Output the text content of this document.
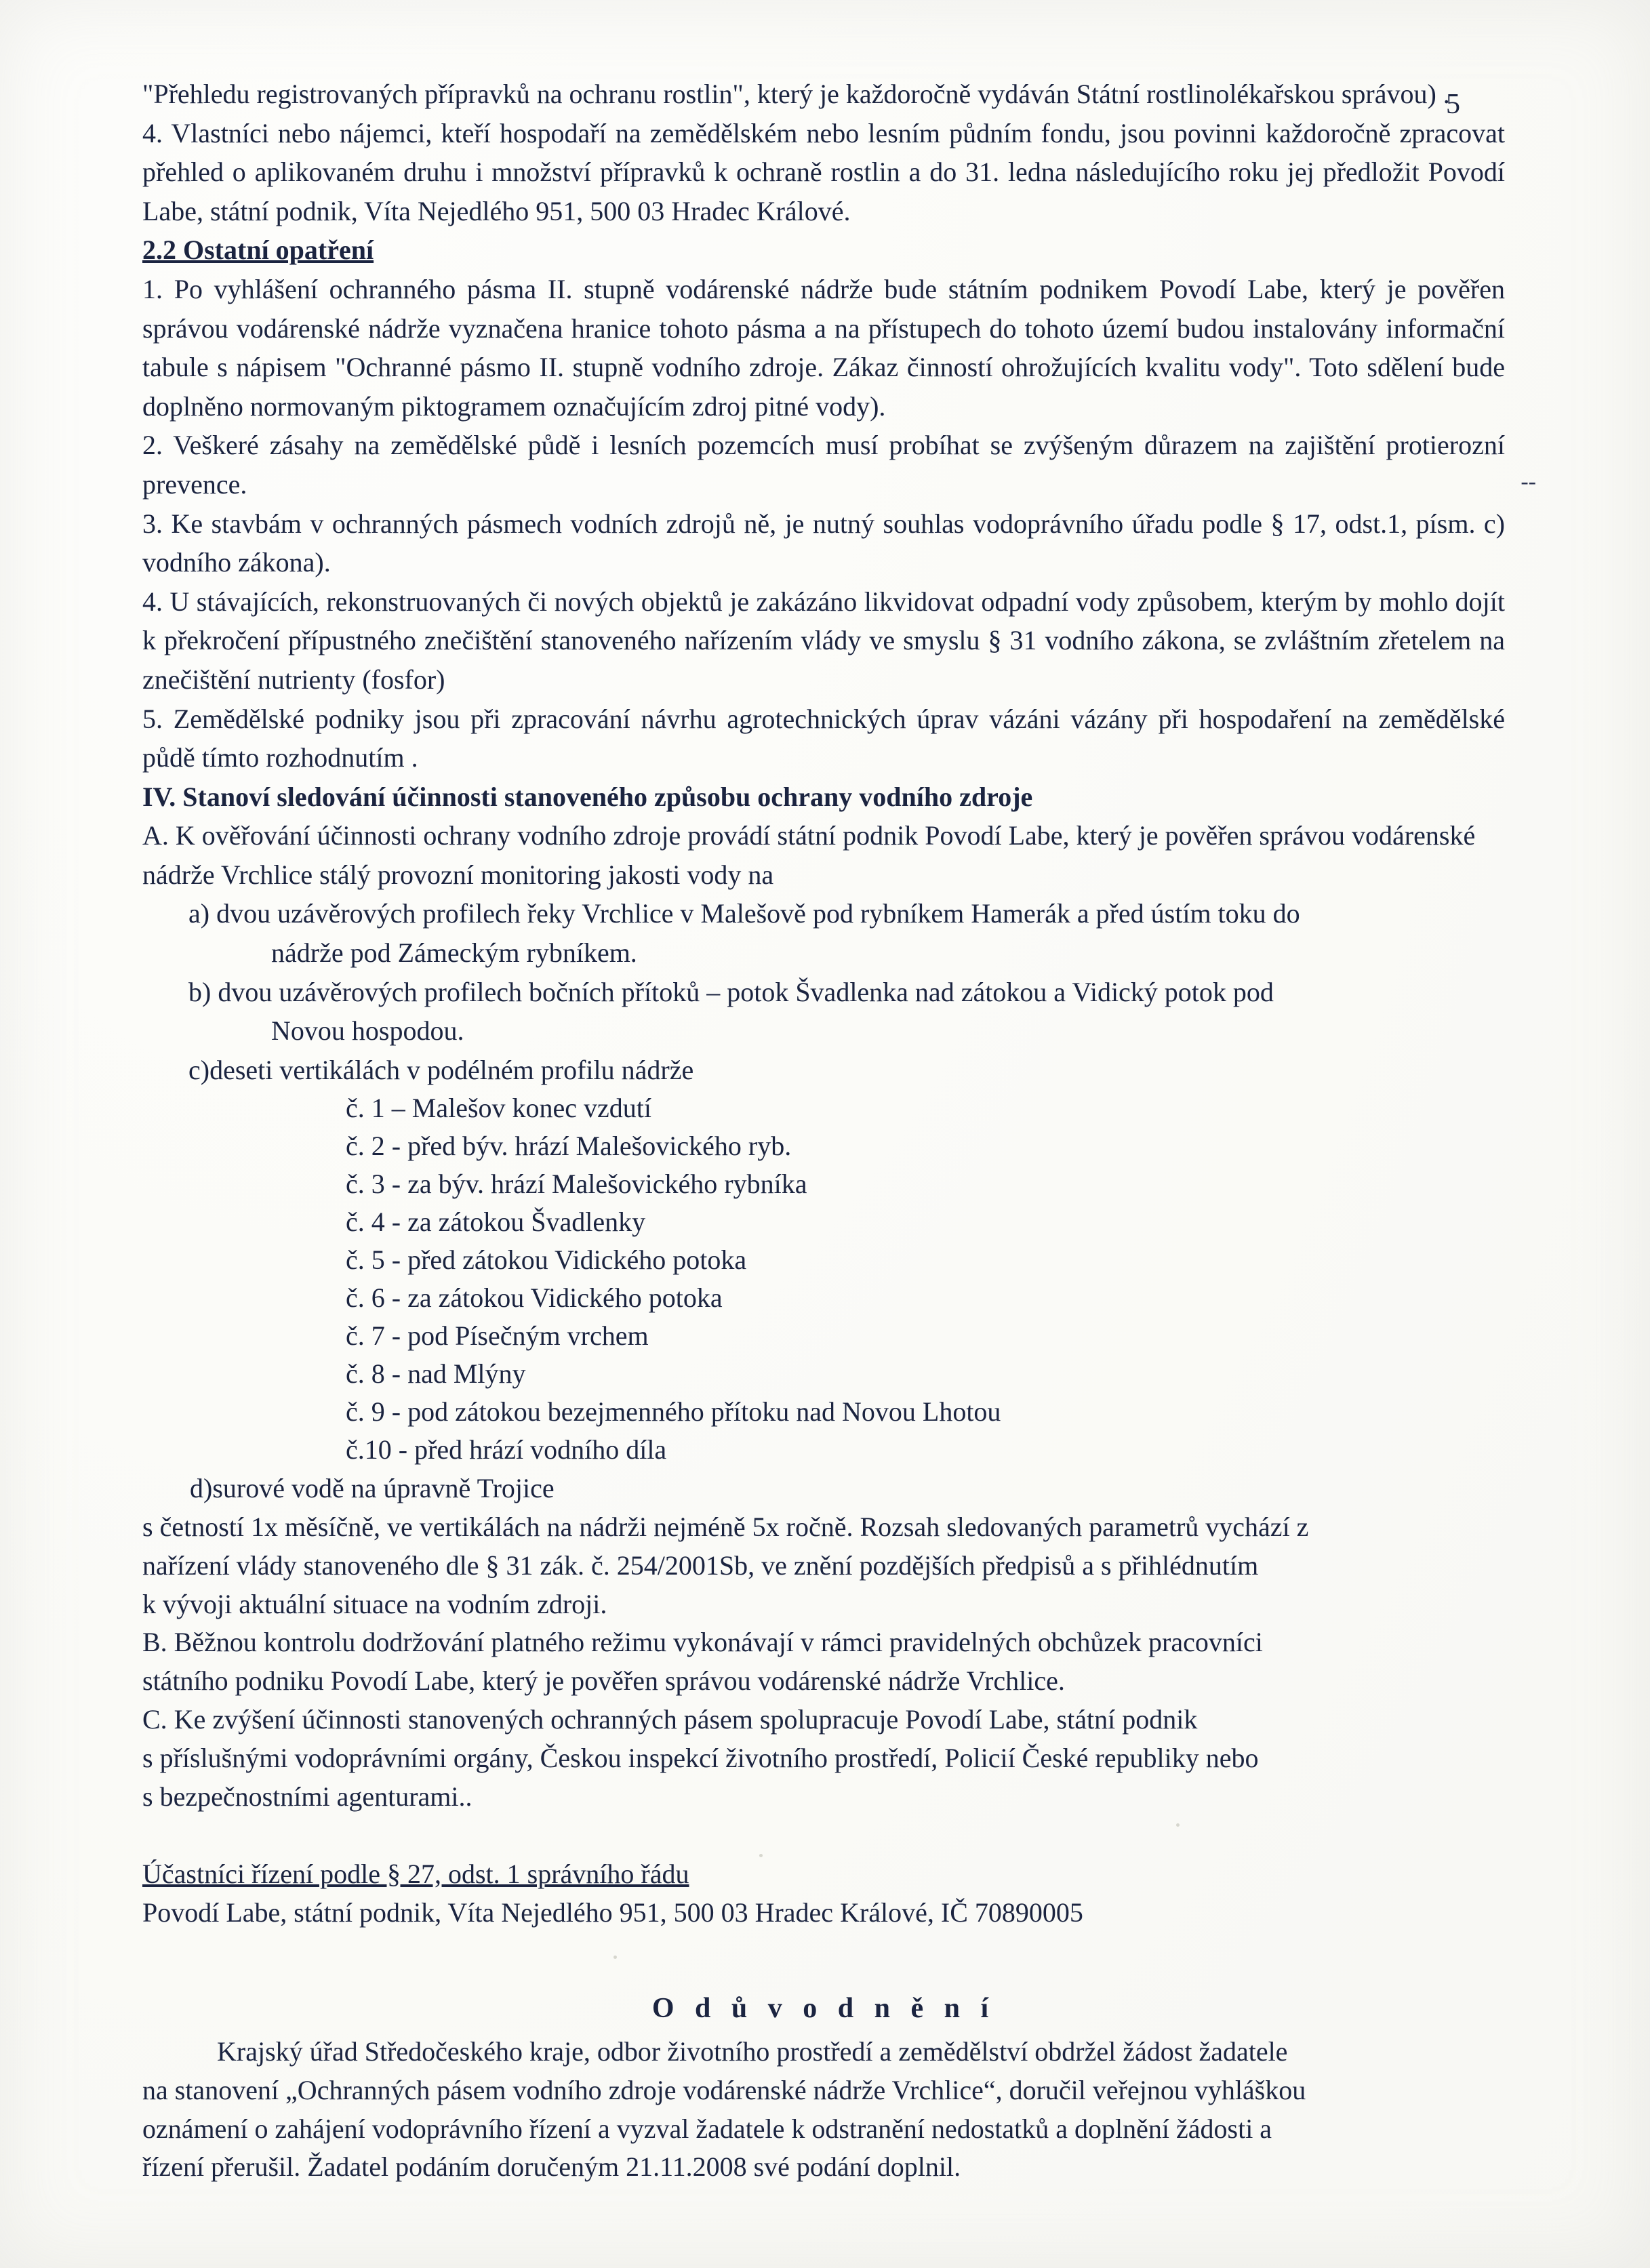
5
--

"Přehledu registrovaných přípravků na ochranu rostlin", který je každoročně vydáván Státní rostlinolékařskou správou) .

4. Vlastníci nebo nájemci, kteří hospodaří na zemědělském nebo lesním půdním fondu, jsou povinni každoročně zpracovat přehled o aplikovaném druhu i množství přípravků k ochraně rostlin a do 31. ledna následujícího roku jej předložit Povodí Labe, státní podnik, Víta Nejedlého 951, 500 03 Hradec Králové.

2.2 Ostatní opatření

1. Po vyhlášení ochranného pásma II. stupně vodárenské nádrže bude státním podnikem Povodí Labe, který je pověřen správou vodárenské nádrže vyznačena hranice tohoto pásma a na přístupech do tohoto území budou instalovány informační tabule s nápisem "Ochranné pásmo II. stupně vodního zdroje. Zákaz činností ohrožujících kvalitu vody". Toto sdělení bude doplněno normovaným piktogramem označujícím zdroj pitné vody).

2. Veškeré zásahy na zemědělské půdě i lesních pozemcích musí probíhat se zvýšeným důrazem na zajištění protierozní prevence.

3. Ke stavbám v ochranných pásmech vodních zdrojů ně, je nutný souhlas vodoprávního úřadu podle § 17, odst.1, písm. c) vodního zákona).

4. U stávajících, rekonstruovaných či nových objektů je zakázáno likvidovat odpadní vody způsobem, kterým by mohlo dojít k překročení přípustného znečištění stanoveného nařízením vlády ve smyslu § 31 vodního zákona, se zvláštním zřetelem na znečištění nutrienty (fosfor)

5. Zemědělské podniky jsou při zpracování návrhu agrotechnických úprav vázáni vázány při hospodaření na zemědělské půdě tímto rozhodnutím .

IV. Stanoví sledování účinnosti stanoveného způsobu ochrany vodního zdroje

A. K ověřování účinnosti ochrany vodního zdroje provádí státní podnik Povodí Labe, který je pověřen správou vodárenské nádrže Vrchlice stálý provozní monitoring jakosti vody na

a) dvou uzávěrových profilech řeky Vrchlice v Malešově pod rybníkem Hamerák a před ústím toku do
nádrže pod Zámeckým rybníkem.
b) dvou uzávěrových profilech bočních přítoků – potok Švadlenka nad zátokou a Vidický potok pod
Novou hospodou.
c)deseti vertikálách v podélném profilu nádrže
č. 1 – Malešov konec vzdutí
č. 2 - před býv. hrází Malešovického ryb.
č. 3 - za býv. hrází Malešovického rybníka
č. 4 - za zátokou Švadlenky
č. 5 - před zátokou Vidického potoka
č. 6 - za zátokou Vidického potoka
č. 7 - pod Písečným vrchem
č. 8 - nad Mlýny
č. 9 - pod zátokou bezejmenného přítoku nad Novou Lhotou
č.10 - před hrází vodního díla
d)surové vodě na úpravně Trojice
s četností 1x měsíčně, ve vertikálách na nádrži nejméně 5x ročně. Rozsah sledovaných parametrů vychází z
nařízení vlády stanoveného dle § 31 zák. č. 254/2001Sb, ve znění pozdějších předpisů a s přihlédnutím
k vývoji aktuální situace na vodním zdroji.
B. Běžnou kontrolu dodržování platného režimu vykonávají v rámci pravidelných obchůzek pracovníci
státního podniku Povodí Labe, který je pověřen správou vodárenské nádrže Vrchlice.
C. Ke zvýšení účinnosti stanovených ochranných pásem spolupracuje Povodí Labe, státní podnik
s příslušnými vodoprávními orgány, Českou inspekcí životního prostředí, Policií České republiky nebo
s bezpečnostními agenturami..
Účastníci řízení podle § 27, odst. 1 správního řádu
Povodí Labe, státní podnik, Víta Nejedlého 951, 500 03 Hradec Králové, IČ 70890005
O d ů v o d n ě n í
Krajský úřad Středočeského kraje, odbor životního prostředí a zemědělství obdržel žádost žadatele
na stanovení „Ochranných pásem vodního zdroje vodárenské nádrže Vrchlice“, doručil veřejnou vyhláškou
oznámení o zahájení vodoprávního řízení a vyzval žadatele k odstranění nedostatků a doplnění žádosti a
řízení přerušil. Žadatel podáním doručeným 21.11.2008 své podání doplnil.
